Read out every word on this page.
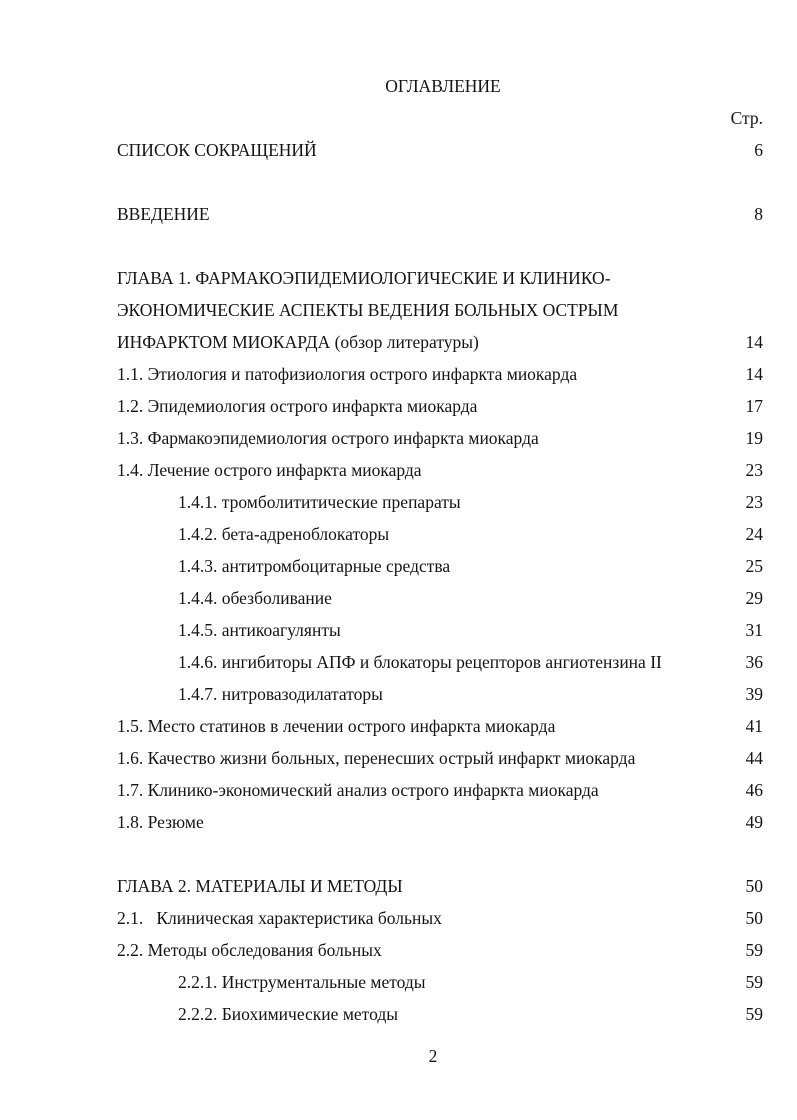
ОГЛАВЛЕНИЕ
Стр.
СПИСОК СОКРАЩЕНИЙ	6
ВВЕДЕНИЕ	8
ГЛАВА 1. ФАРМАКОЭПИДЕМИОЛОГИЧЕСКИЕ И КЛИНИКО-
ЭКОНОМИЧЕСКИЕ АСПЕКТЫ ВЕДЕНИЯ БОЛЬНЫХ ОСТРЫМ
ИНФАРКТОМ МИОКАРДА (обзор литературы)	14
1.1. Этиология и патофизиология острого инфаркта миокарда	14
1.2. Эпидемиология острого инфаркта миокарда	17
1.3. Фармакоэпидемиология острого инфаркта миокарда	19
1.4. Лечение острого инфаркта миокарда	23
1.4.1. тромболититические препараты	23
1.4.2. бета-адреноблокаторы	24
1.4.3. антитромбоцитарные средства	25
1.4.4. обезболивание	29
1.4.5. антикоагулянты	31
1.4.6. ингибиторы АПФ и блокаторы рецепторов ангиотензина II	36
1.4.7. нитровазодилататоры	39
1.5. Место статинов в лечении острого инфаркта миокарда	41
1.6. Качество жизни больных, перенесших острый инфаркт миокарда	44
1.7. Клинико-экономический анализ острого инфаркта миокарда	46
1.8. Резюме	49
ГЛАВА 2. МАТЕРИАЛЫ И МЕТОДЫ	50
2.1.   Клиническая характеристика больных	50
2.2. Методы обследования больных	59
2.2.1. Инструментальные методы	59
2.2.2. Биохимические методы	59
2
